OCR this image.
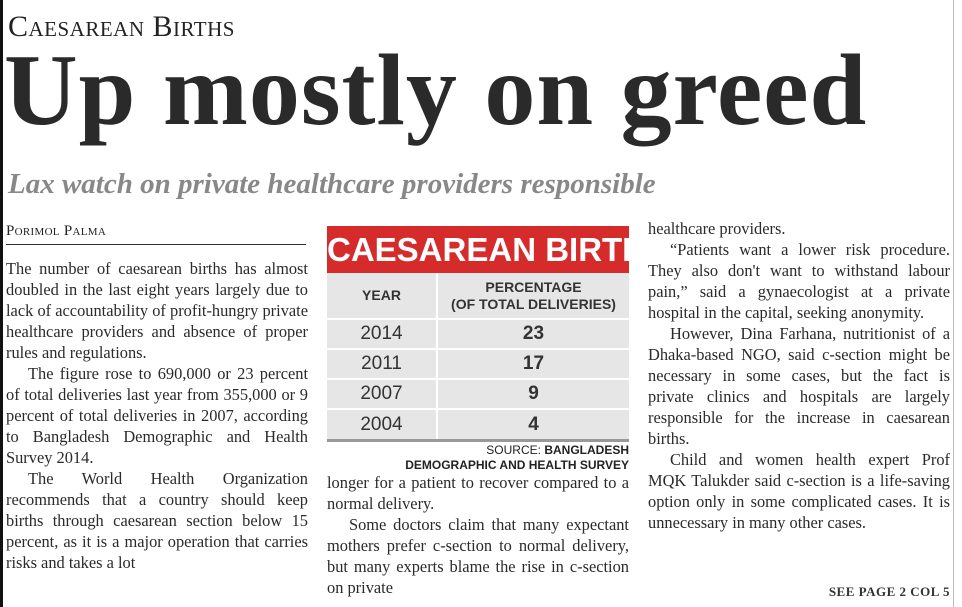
Caesarean Births
Up mostly on greed
Lax watch on private healthcare providers responsible
Porimol Palma

The number of caesarean births has almost doubled in the last eight years largely due to lack of accountability of profit-hungry private healthcare providers and absence of proper rules and regulations.

The figure rose to 690,000 or 23 percent of total deliveries last year from 355,000 or 9 percent of total deliveries in 2007, according to Bangladesh Demographic and Health Survey 2014.

The World Health Organization recommends that a country should keep births through caesarean section below 15 percent, as it is a major operation that carries risks and takes a lot

CAESAREAN BIRTHS
YEAR	PERCENTAGE
(OF TOTAL DELIVERIES)
2014	23
2011	17
2007	9
2004	4
SOURCE: BANGLADESH
DEMOGRAPHIC AND HEALTH SURVEY

longer for a patient to recover compared to a normal delivery.

Some doctors claim that many expectant mothers prefer c-section to normal delivery, but many experts blame the rise in c-section on private

healthcare providers.

“Patients want a lower risk procedure. They also don't want to withstand labour pain,” said a gynaecologist at a private hospital in the capital, seeking anonymity.

However, Dina Farhana, nutritionist of a Dhaka-based NGO, said c-section might be necessary in some cases, but the fact is private clinics and hospitals are largely responsible for the increase in caesarean births.

Child and women health expert Prof MQK Talukder said c-section is a life-saving option only in some complicated cases. It is unnecessary in many other cases.

SEE PAGE 2 COL 5
